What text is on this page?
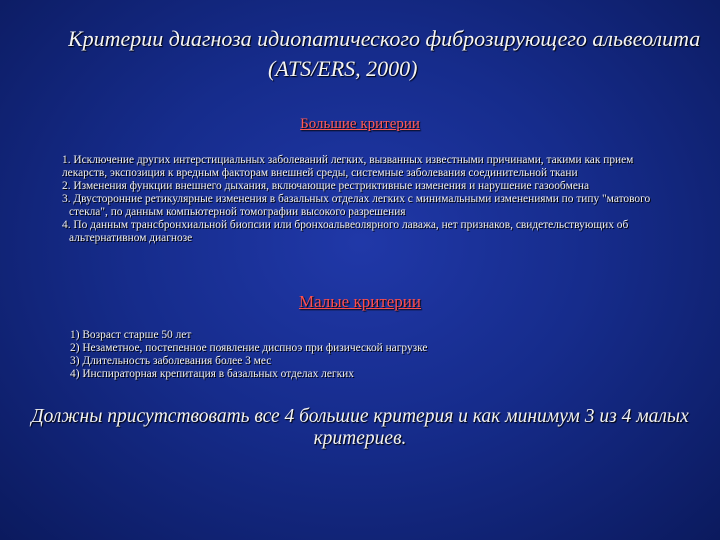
Критерии диагноза идиопатического фиброзирующего альвеолита
(ATS/ERS, 2000)
Большие критерии
1. Исключение других интерстициальных заболеваний легких, вызванных известными причинами, такими как прием лекарств, экспозиция к вредным факторам внешней среды, системные заболевания соединительной ткани
2. Изменения функции внешнего дыхания, включающие рестриктивные изменения и нарушение газообмена
3. Двусторонние ретикулярные изменения в базальных отделах легких с минимальными изменениями по типу "матового стекла", по данным компьютерной томографии высокого разрешения
4. По данным трансбронхиальной биопсии или бронхоальвеолярного лаважа, нет признаков, свидетельствующих об альтернативном диагнозе
Малые критерии
1) Возраст старше 50 лет
2) Незаметное, постепенное появление диспноэ при физической нагрузке
3) Длительность заболевания более 3 мес
4) Инспираторная крепитация в базальных отделах легких
Должны присутствовать все 4 большие критерия и как минимум 3 из 4 малых критериев.
